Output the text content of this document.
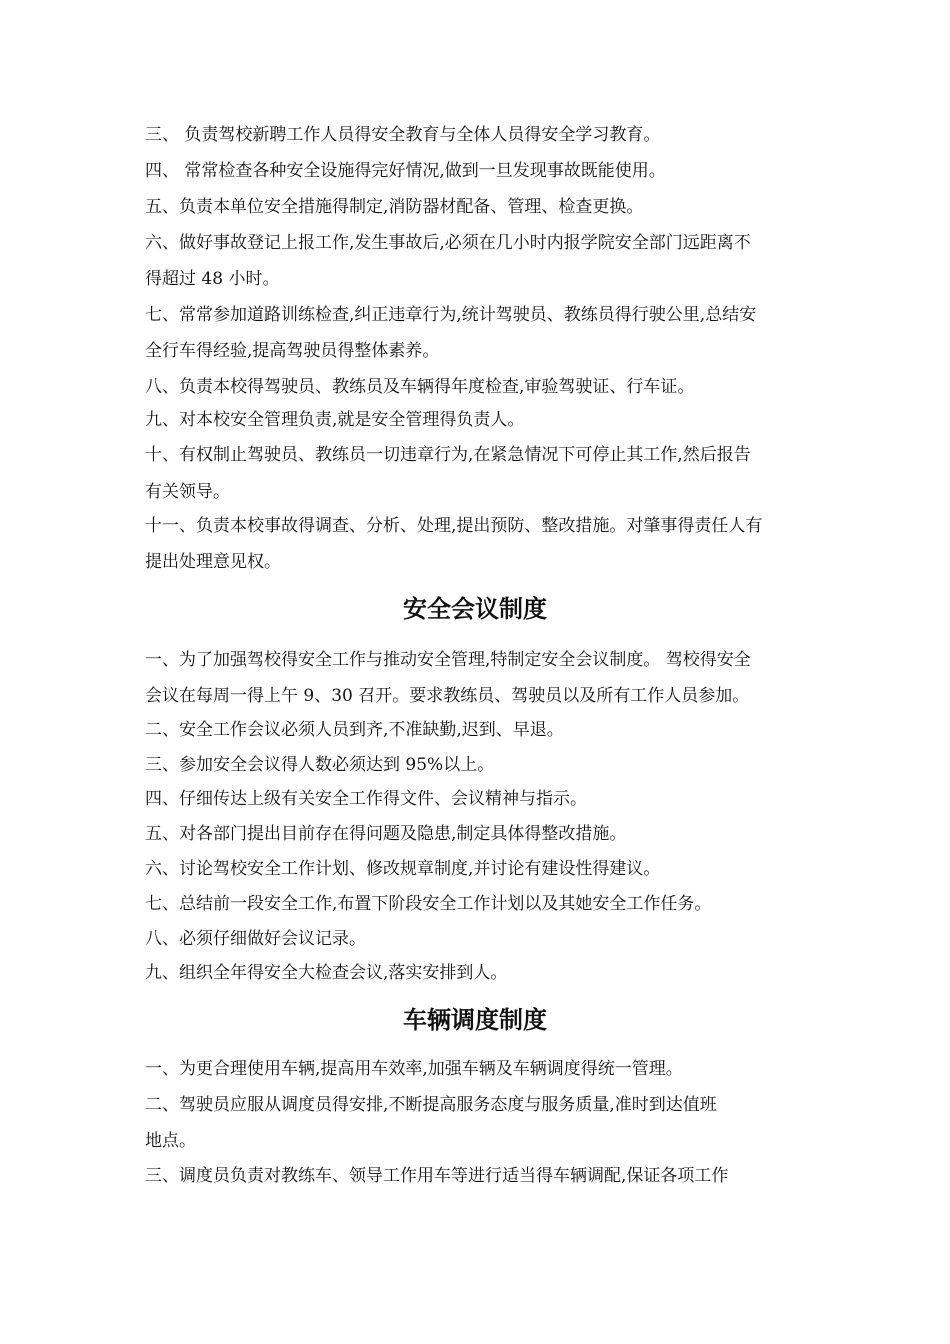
三、 负责驾校新聘工作人员得安全教育与全体人员得安全学习教育。
四、 常常检查各种安全设施得完好情况,做到一旦发现事故既能使用。
五、负责本单位安全措施得制定,消防器材配备、管理、检查更换。
六、做好事故登记上报工作,发生事故后,必须在几小时内报学院安全部门远距离不
得超过 48 小时。
七、常常参加道路训练检查,纠正违章行为,统计驾驶员、教练员得行驶公里,总结安
全行车得经验,提高驾驶员得整体素养。
八、负责本校得驾驶员、教练员及车辆得年度检查,审验驾驶证、行车证。
九、对本校安全管理负责,就是安全管理得负责人。
十、有权制止驾驶员、教练员一切违章行为,在紧急情况下可停止其工作,然后报告
有关领导。
十一、负责本校事故得调查、分析、处理,提出预防、整改措施。对肇事得责任人有
提出处理意见权。
安全会议制度
一、为了加强驾校得安全工作与推动安全管理,特制定安全会议制度。 驾校得安全
会议在每周一得上午 9、30 召开。要求教练员、驾驶员以及所有工作人员参加。
二、安全工作会议必须人员到齐,不准缺勤,迟到、早退。
三、参加安全会议得人数必须达到 95%以上。
四、仔细传达上级有关安全工作得文件、会议精神与指示。
五、对各部门提出目前存在得问题及隐患,制定具体得整改措施。
六、讨论驾校安全工作计划、修改规章制度,并讨论有建设性得建议。
七、总结前一段安全工作,布置下阶段安全工作计划以及其她安全工作任务。
八、必须仔细做好会议记录。
九、组织全年得安全大检查会议,落实安排到人。
车辆调度制度
一、为更合理使用车辆,提高用车效率,加强车辆及车辆调度得统一管理。
二、驾驶员应服从调度员得安排,不断提高服务态度与服务质量,准时到达值班
地点。
三、调度员负责对教练车、领导工作用车等进行适当得车辆调配,保证各项工作
